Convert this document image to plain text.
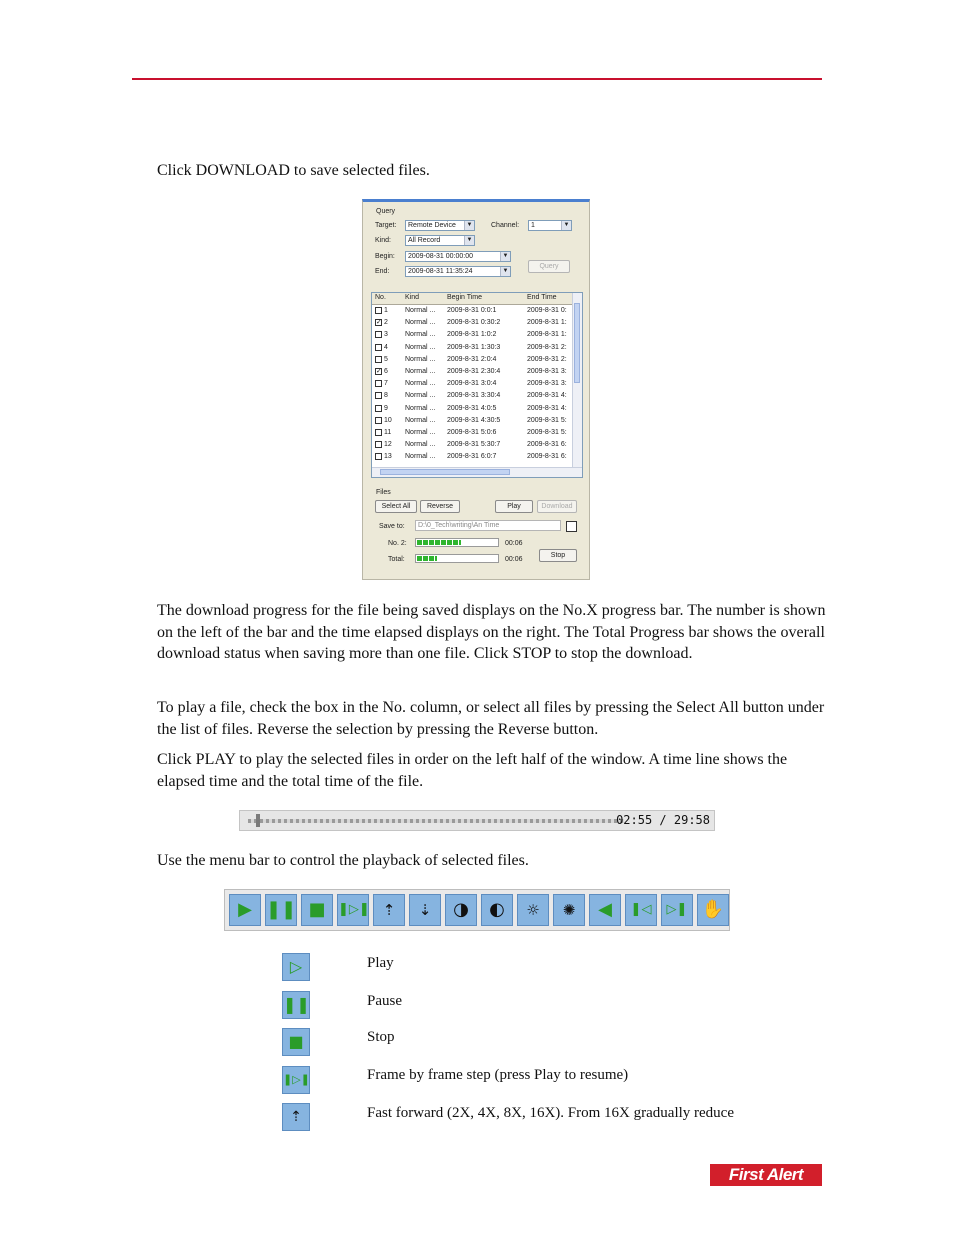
Click DOWNLOAD to save selected files.

Query
Target:	Remote Device	▼	Channel:	1	▼
Kind:	All Record	▼
Begin:	2009-08-31 00:00:00	▼
End:	2009-08-31 11:35:24	▼
Query
No.	Kind	Begin Time	End Time
1 Normal ... 2009-8-31 0:0:1	2009-8-31 0:
✓ 2 Normal ... 2009-8-31 0:30:2	2009-8-31 1:
3 Normal ... 2009-8-31 1:0:2	2009-8-31 1:
4 Normal ... 2009-8-31 1:30:3	2009-8-31 2:
5 Normal ... 2009-8-31 2:0:4	2009-8-31 2:
✓ 6 Normal ... 2009-8-31 2:30:4	2009-8-31 3:
7 Normal ... 2009-8-31 3:0:4	2009-8-31 3:
8 Normal ... 2009-8-31 3:30:4	2009-8-31 4:
9 Normal ... 2009-8-31 4:0:5	2009-8-31 4:
10 Normal ... 2009-8-31 4:30:5	2009-8-31 5:
11 Normal ... 2009-8-31 5:0:6	2009-8-31 5:
12 Normal ... 2009-8-31 5:30:7	2009-8-31 6:
13 Normal ... 2009-8-31 6:0:7	2009-8-31 6:
Files
Select All	Reverse	Play	Download
Save to:	D:\0_Tech\writing\An Time
No. 2:	00:06
Total:	00:06
Stop

The download progress for the file being saved displays on the No.X progress bar. The number is shown on the left of the bar and the time elapsed displays on the right. The Total Progress bar shows the overall download status when saving more than one file. Click STOP to stop the download.

To play a file, check the box in the No. column, or select all files by pressing the Select All button under the list of files. Reverse the selection by pressing the Reverse button.

Click PLAY to play the selected files in order on the left half of the window. A time line shows the elapsed time and the total time of the file.

02:55 / 29:58

Use the menu bar to control the playback of selected files.

▶ ❚❚ ■ ❚▷❚ ⇡	⇣	◑	◐	☼	✺	◀	❚◁	▷❚ ✋
▷	Play
❚❚	Pause
■	Stop
❚▷❚	Frame by frame step (press Play to resume)
⇡	Fast forward (2X, 4X, 8X, 16X). From 16X gradually reduce
First Alert
